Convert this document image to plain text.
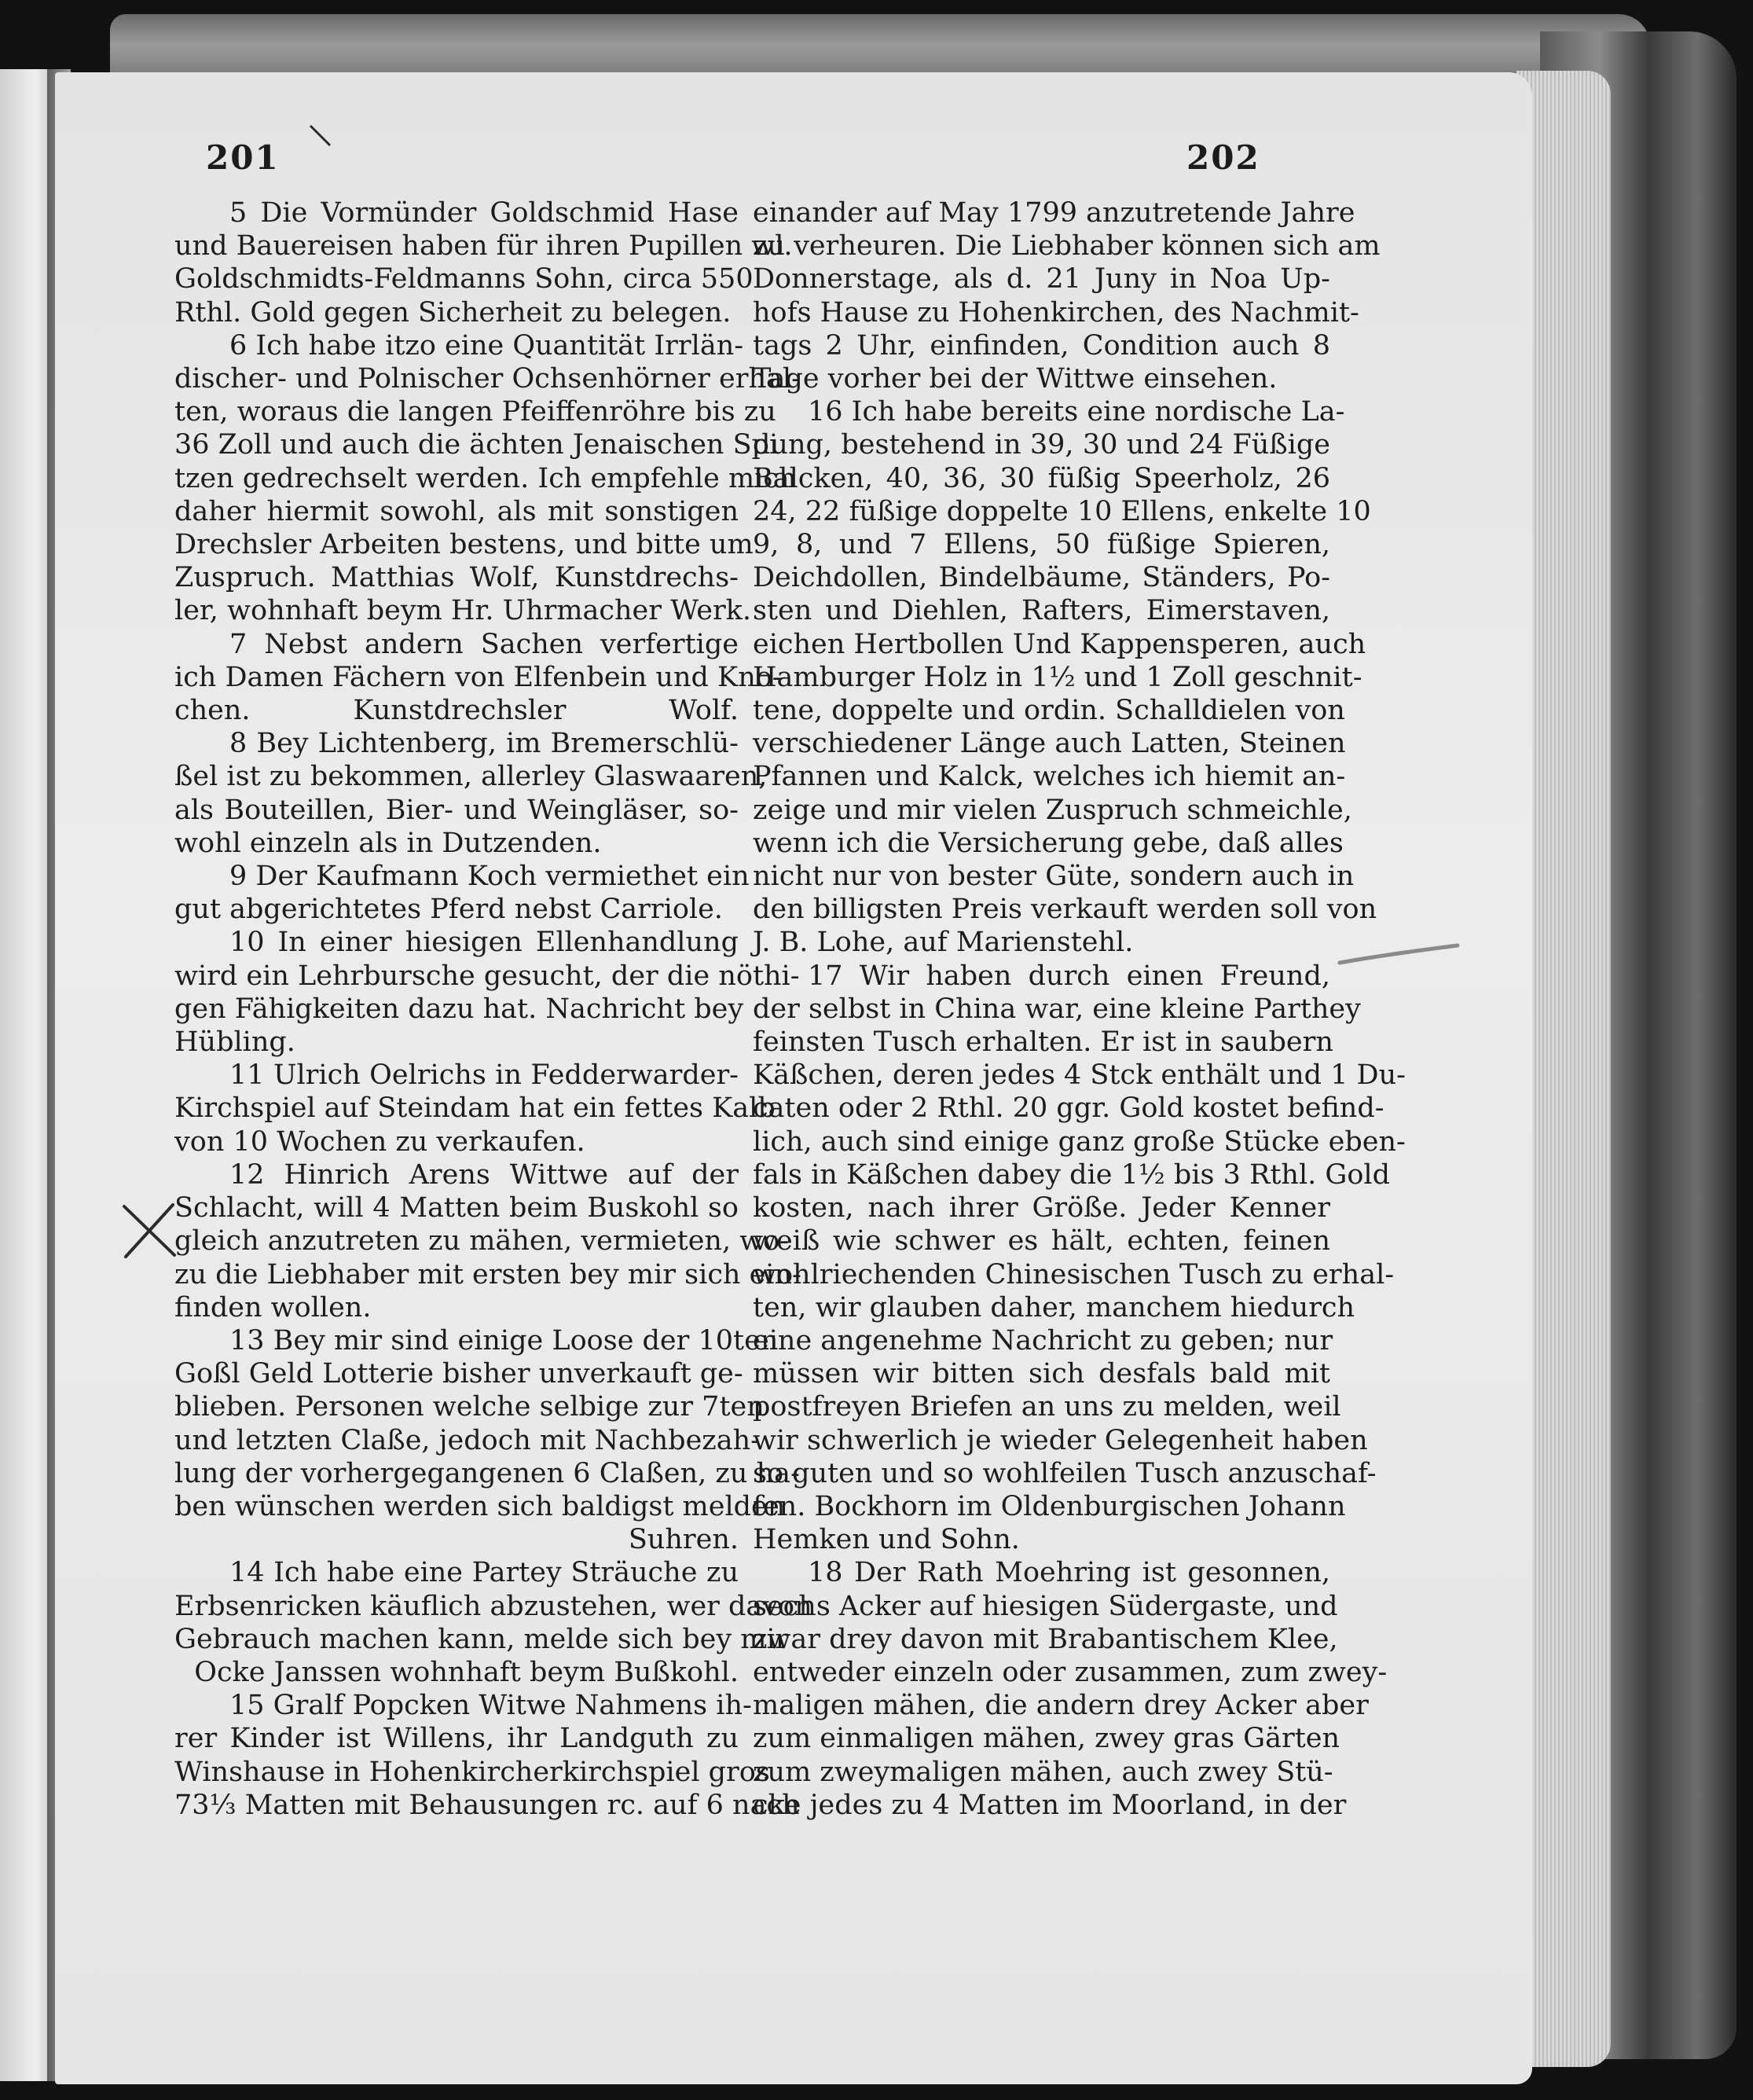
201	202
5 Die Vormünder Goldschmid Hase
und Bauereisen haben für ihren Pupillen wl.
Goldschmidts-Feldmanns Sohn, circa 550
Rthl. Gold gegen Sicherheit zu belegen.
6 Ich habe itzo eine Quantität Irrlän-
discher- und Polnischer Ochsenhörner erhal-
ten, woraus die langen Pfeiffenröhre bis zu
36 Zoll und auch die ächten Jenaischen Spi
tzen gedrechselt werden. Ich empfehle mich
daher hiermit sowohl, als mit sonstigen
Drechsler Arbeiten bestens, und bitte um
Zuspruch. Matthias Wolf, Kunstdrechs-
ler, wohnhaft beym Hr. Uhrmacher Werk.
7 Nebst andern Sachen verfertige
ich Damen Fächern von Elfenbein und Kno-
chen. Kunstdrechsler Wolf.
8 Bey Lichtenberg, im Bremerschlü-
ßel ist zu bekommen, allerley Glaswaaren,
als Bouteillen, Bier- und Weingläser, so-
wohl einzeln als in Dutzenden.
9 Der Kaufmann Koch vermiethet ein
gut abgerichtetes Pferd nebst Carriole.
10 In einer hiesigen Ellenhandlung
wird ein Lehrbursche gesucht, der die nöthi-
gen Fähigkeiten dazu hat. Nachricht bey
Hübling.
11 Ulrich Oelrichs in Fedderwarder-
Kirchspiel auf Steindam hat ein fettes Kalb
von 10 Wochen zu verkaufen.
12 Hinrich Arens Wittwe auf der
Schlacht, will 4 Matten beim Buskohl so
gleich anzutreten zu mähen, vermieten, wo-
zu die Liebhaber mit ersten bey mir sich ein-
finden wollen.
13 Bey mir sind einige Loose der 10ten
Goßl Geld Lotterie bisher unverkauft ge-
blieben. Personen welche selbige zur 7ten
und letzten Claße, jedoch mit Nachbezah-
lung der vorhergegangenen 6 Claßen, zu ha-
ben wünschen werden sich baldigst melden
Suhren.
14 Ich habe eine Partey Sträuche zu
Erbsenricken käuflich abzustehen, wer davon
Gebrauch machen kann, melde sich bey mir
Ocke Janssen wohnhaft beym Bußkohl.
15 Gralf Popcken Witwe Nahmens ih-
rer Kinder ist Willens, ihr Landguth zu
Winshause in Hohenkircherkirchspiel gros
73⅓ Matten mit Behausungen rc. auf 6 nach
einander auf May 1799 anzutretende Jahre
zu verheuren. Die Liebhaber können sich am
Donnerstage, als d. 21 Juny in Noa Up-
hofs Hause zu Hohenkirchen, des Nachmit-
tags 2 Uhr, einfinden, Condition auch 8
Tage vorher bei der Wittwe einsehen.
16 Ich habe bereits eine nordische La-
dung, bestehend in 39, 30 und 24 Füßige
Balcken, 40, 36, 30 füßig Speerholz, 26
24, 22 füßige doppelte 10 Ellens, enkelte 10
9, 8, und 7 Ellens, 50 füßige Spieren,
Deichdollen, Bindelbäume, Ständers, Po-
sten und Diehlen, Rafters, Eimerstaven,
eichen Hertbollen Und Kappensperen, auch
Hamburger Holz in 1½ und 1 Zoll geschnit-
tene, doppelte und ordin. Schalldielen von
verschiedener Länge auch Latten, Steinen
Pfannen und Kalck, welches ich hiemit an-
zeige und mir vielen Zuspruch schmeichle,
wenn ich die Versicherung gebe, daß alles
nicht nur von bester Güte, sondern auch in
den billigsten Preis verkauft werden soll von
J. B. Lohe, auf Marienstehl.
17 Wir haben durch einen Freund,
der selbst in China war, eine kleine Parthey
feinsten Tusch erhalten. Er ist in saubern
Käßchen, deren jedes 4 Stck enthält und 1 Du-
caten oder 2 Rthl. 20 ggr. Gold kostet befind-
lich, auch sind einige ganz große Stücke eben-
fals in Käßchen dabey die 1½ bis 3 Rthl. Gold
kosten, nach ihrer Größe. Jeder Kenner
weiß wie schwer es hält, echten, feinen
wohlriechenden Chinesischen Tusch zu erhal-
ten, wir glauben daher, manchem hiedurch
eine angenehme Nachricht zu geben; nur
müssen wir bitten sich desfals bald mit
postfreyen Briefen an uns zu melden, weil
wir schwerlich je wieder Gelegenheit haben
so guten und so wohlfeilen Tusch anzuschaf-
fen. Bockhorn im Oldenburgischen Johann
Hemken und Sohn.
18 Der Rath Moehring ist gesonnen,
sechs Acker auf hiesigen Südergaste, und
zwar drey davon mit Brabantischem Klee,
entweder einzeln oder zusammen, zum zwey-
maligen mähen, die andern drey Acker aber
zum einmaligen mähen, zwey gras Gärten
zum zweymaligen mähen, auch zwey Stü-
cke jedes zu 4 Matten im Moorland, in der
